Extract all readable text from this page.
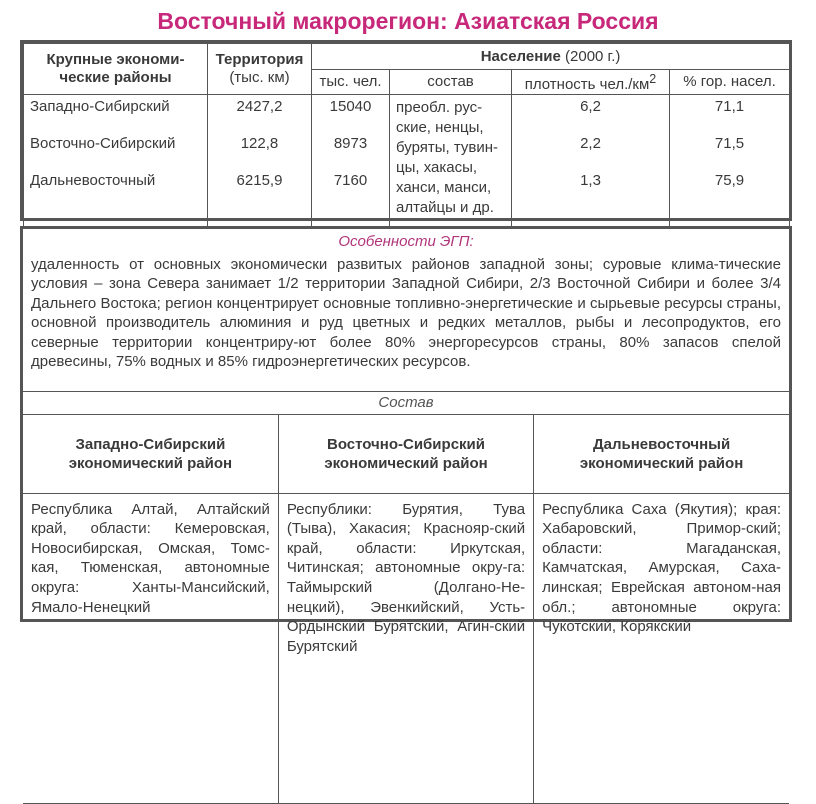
Восточный макрорегион: Азиатская Россия
Крупные экономи-ческие районы	Территория
(тыс. км)	Население (2000 г.)			
		тыс. чел.	состав	плотность $чел./км^2$	% гор. насел.
Западно-Сибирский	2427,2	15040	преобл. рус-ские, ненцы, буряты, тувин-цы, хакасы, ханси, манси, алтайцы и др.	6,2	71,1
Восточно-Сибирский	122,8	8973		2,2	71,5
Дальневосточный	6215,9	7160		1,3	75,9
Особенности ЭГП:
удаленность от основных экономически развитых районов западной зоны; суровые клима-тические условия – зона Севера занимает 1/2 территории Западной Сибири, 2/3 Восточной Сибири и более 3/4 Дальнего Востока; регион концентрирует основные топливно-энергетические и сырьевые ресурсы страны, основной производитель алюминия и руд цветных и редких металлов, рыбы и лесопродуктов, его северные территории концентриру-ют более 80% энергоресурсов страны, 80% запасов спелой древесины, 75% водных и 85% гидроэнергетических ресурсов.
Состав
Западно-Сибирский экономический район	Восточно-Сибирский экономический район	Дальневосточный экономический район
Республика Алтай, Алтайский край, области: Кемеровская, Новосибирская, Омская, Томс-кая, Тюменская, автономные округа: Ханты-Мансийский, Ямало-Ненецкий	Республики: Бурятия, Тува (Тыва), Хакасия; Краснояр-ский край, области: Иркутская, Читинская; автономные окру-га: Таймырский (Долгано-Не-нецкий), Эвенкийский, Усть-Ордынский Бурятский, Агин-ский Бурятский	Республика Саха (Якутия); края: Хабаровский, Примор-ский; области: Магаданская, Камчатская, Амурская, Саха-линская; Еврейская автоном-ная обл.; автономные округа: Чукотский, Корякский
